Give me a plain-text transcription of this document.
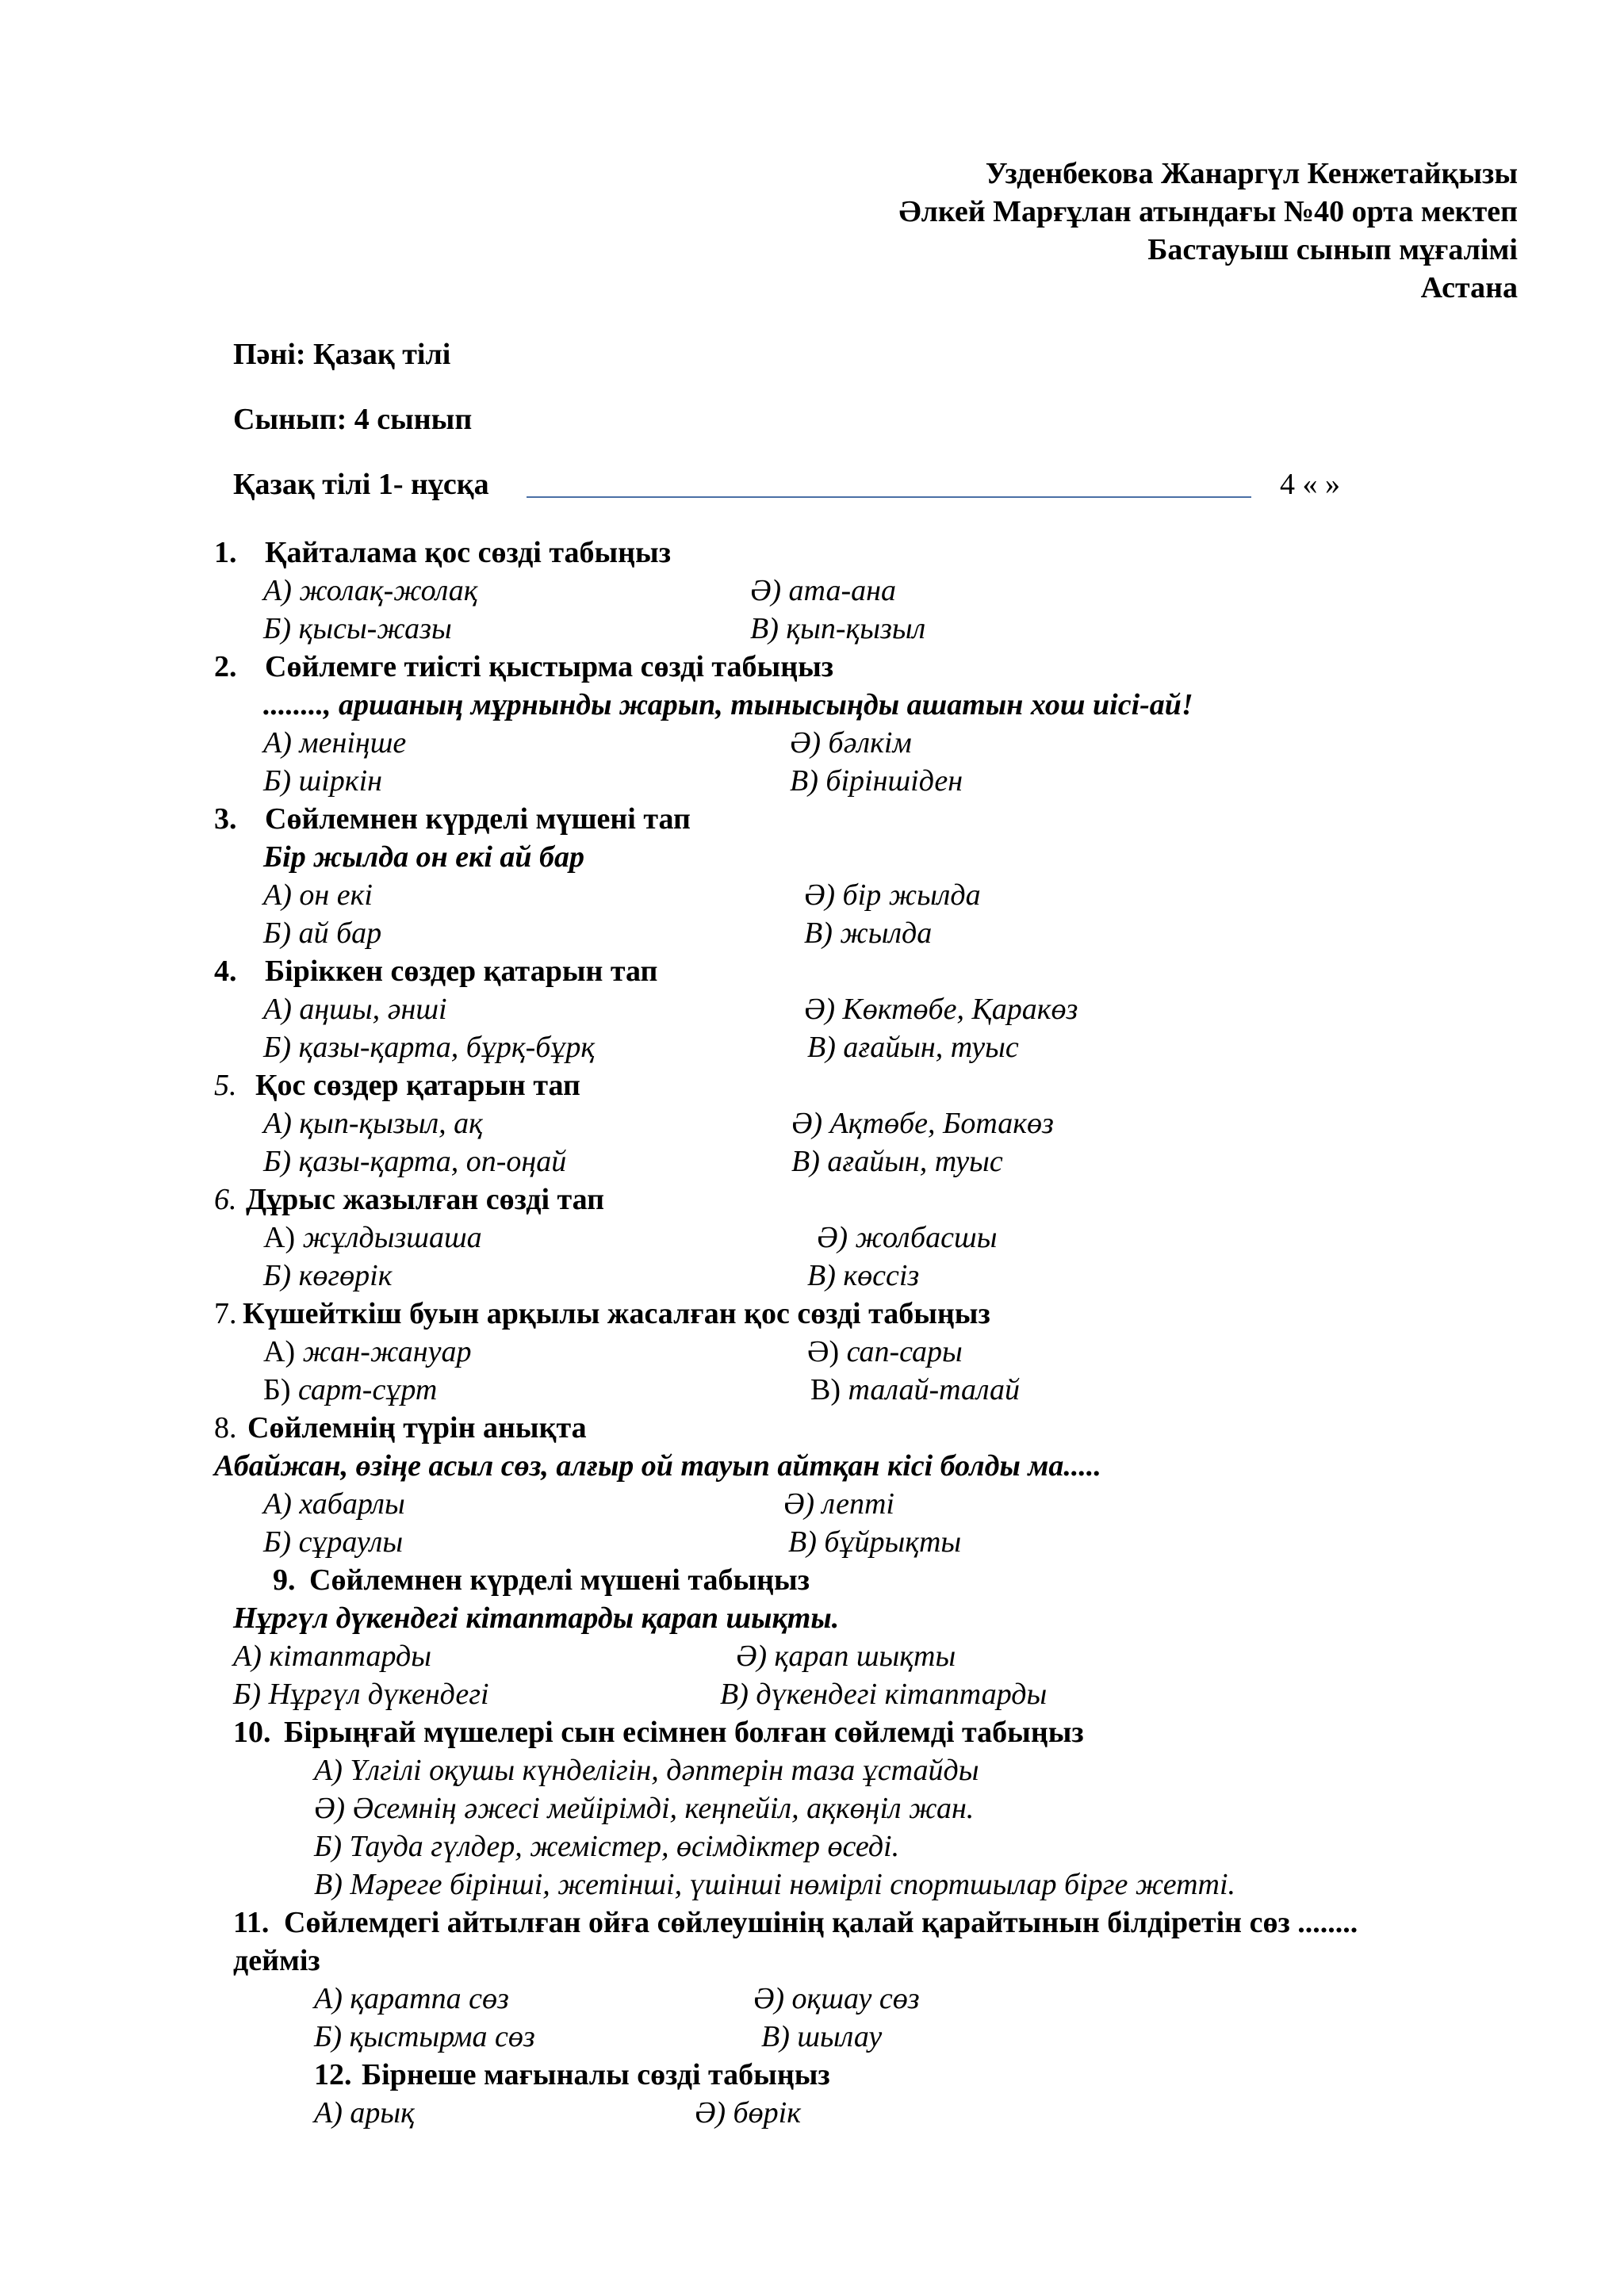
Узденбекова Жанаргүл Кенжетайқызы
Әлкей Марғұлан атындағы №40 орта мектеп
Бастауыш сынып мұғалімі
Астана
Пәні: Қазақ тілі
Сынып: 4 сынып
Қазақ тілі 1- нұсқа	4 « »
1. Қайталама қос сөзді табыңыз
А) жолақ-жолақ	Ә) ата-ана
Б) қысы-жазы	В) қып-қызыл
2. Сөйлемге тиісті қыстырма сөзді табыңыз
........, аршаның мұрнынды жарып, тынысыңды ашатын хош иісі-ай!
А) меніңше	Ә) бәлкім
Б) шіркін	В) біріншіден
3. Сөйлемнен күрделі мүшені тап
Бір жылда он екі ай бар
А) он екі	Ә) бір жылда
Б) ай бар	В) жылда
4. Біріккен сөздер қатарын тап
А) аңшы, әнші	Ә) Көктөбе, Қаракөз
Б) қазы-қарта, бұрқ-бұрқ	В) ағайын, туыс
5. Қос сөздер қатарын тап
А) қып-қызыл, ақ	Ә) Ақтөбе, Ботакөз
Б) қазы-қарта, оп-оңай	В) ағайын, туыс
6. Дұрыс жазылған сөзді тап
А) жұлдызшаша	Ә) жолбасшы
Б) көгөрік	В) көссіз
7. Күшейткіш буын арқылы жасалған қос сөзді табыңыз
А) жан-жануар	Ә) сап-сары
Б) сарт-сұрт	В) талай-талай
8. Сөйлемнің түрін анықта
Абайжан, өзіңе асыл сөз, алғыр ой тауып айтқан кісі болды ма.....
А) хабарлы	Ә) лепті
Б) сұраулы	В) бұйрықты
9. Сөйлемнен күрделі мүшені табыңыз
Нұргүл дүкендегі кітаптарды қарап шықты.
А) кітаптарды	Ә) қарап шықты
Б) Нұргүл дүкендегі	В) дүкендегі кітаптарды
10. Бірыңғай мүшелері сын есімнен болған сөйлемді табыңыз
А) Үлгілі оқушы күнделігін, дәптерін таза ұстайды
Ә) Әсемнің әжесі мейірімді, кеңпейіл, ақкөңіл жан.
Б) Тауда гүлдер, жемістер, өсімдіктер өседі.
В) Мәреге бірінші, жетінші, үшінші нөмірлі спортшылар бірге жетті.
11. Сөйлемдегі айтылған ойға сөйлеушінің қалай қарайтынын білдіретін сөз ........
дейміз
А) қаратпа сөз	Ә) оқшау сөз
Б) қыстырма сөз	В) шылау
12. Бірнеше мағыналы сөзді табыңыз
А) арық	Ә) бөрік
